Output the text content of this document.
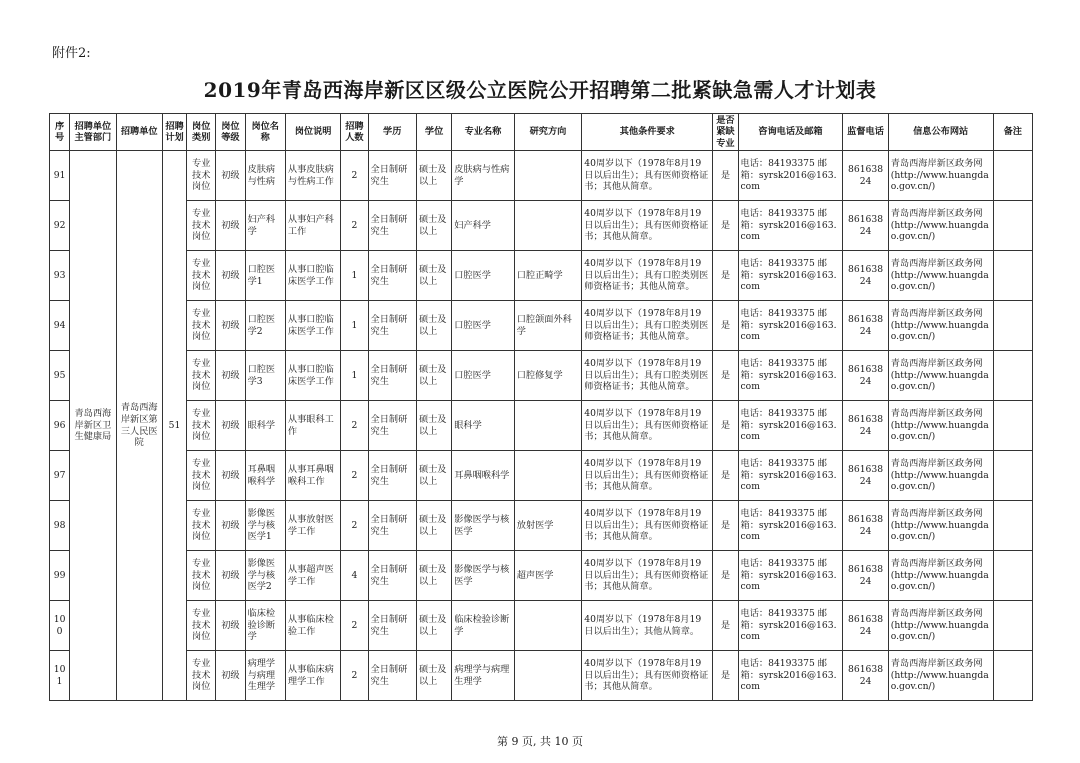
附件2:
2019年青岛西海岸新区区级公立医院公开招聘第二批紧缺急需人才计划表
序号	招聘单位主管部门	招聘单位	招聘计划	岗位类别	岗位等级	岗位名称	岗位说明	招聘人数	学历	学位	专业名称	研究方向	其他条件要求	是否紧缺专业	咨询电话及邮箱	监督电话	信息公布网站	备注
91	青岛西海岸新区卫生健康局	青岛西海岸新区第三人民医院	51	专业技术岗位	初级	皮肤病与性病	从事皮肤病与性病工作	2	全日制研究生	硕士及以上	皮肤病与性病学		40周岁以下（1978年8月19日以后出生）；具有医师资格证书；其他从简章。	是	电话：84193375 邮箱：syrsk2016@163.com	86163824	青岛西海岸新区政务网(http://www.huangdao.gov.cn/)	
92				专业技术岗位	初级	妇产科学	从事妇产科工作	2	全日制研究生	硕士及以上	妇产科学		40周岁以下（1978年8月19日以后出生）；具有医师资格证书；其他从简章。	是	电话：84193375 邮箱：syrsk2016@163.com	86163824	青岛西海岸新区政务网(http://www.huangdao.gov.cn/)	
93				专业技术岗位	初级	口腔医学1	从事口腔临床医学工作	1	全日制研究生	硕士及以上	口腔医学	口腔正畸学	40周岁以下（1978年8月19日以后出生）；具有口腔类别医师资格证书；其他从简章。	是	电话：84193375 邮箱：syrsk2016@163.com	86163824	青岛西海岸新区政务网(http://www.huangdao.gov.cn/)	
94				专业技术岗位	初级	口腔医学2	从事口腔临床医学工作	1	全日制研究生	硕士及以上	口腔医学	口腔颌面外科学	40周岁以下（1978年8月19日以后出生）；具有口腔类别医师资格证书；其他从简章。	是	电话：84193375 邮箱：syrsk2016@163.com	86163824	青岛西海岸新区政务网(http://www.huangdao.gov.cn/)	
95				专业技术岗位	初级	口腔医学3	从事口腔临床医学工作	1	全日制研究生	硕士及以上	口腔医学	口腔修复学	40周岁以下（1978年8月19日以后出生）；具有口腔类别医师资格证书；其他从简章。	是	电话：84193375 邮箱：syrsk2016@163.com	86163824	青岛西海岸新区政务网(http://www.huangdao.gov.cn/)	
96				专业技术岗位	初级	眼科学	从事眼科工作	2	全日制研究生	硕士及以上	眼科学		40周岁以下（1978年8月19日以后出生）；具有医师资格证书；其他从简章。	是	电话：84193375 邮箱：syrsk2016@163.com	86163824	青岛西海岸新区政务网(http://www.huangdao.gov.cn/)	
97				专业技术岗位	初级	耳鼻咽喉科学	从事耳鼻咽喉科工作	2	全日制研究生	硕士及以上	耳鼻咽喉科学		40周岁以下（1978年8月19日以后出生）；具有医师资格证书；其他从简章。	是	电话：84193375 邮箱：syrsk2016@163.com	86163824	青岛西海岸新区政务网(http://www.huangdao.gov.cn/)	
98				专业技术岗位	初级	影像医学与核医学1	从事放射医学工作	2	全日制研究生	硕士及以上	影像医学与核医学	放射医学	40周岁以下（1978年8月19日以后出生）；具有医师资格证书；其他从简章。	是	电话：84193375 邮箱：syrsk2016@163.com	86163824	青岛西海岸新区政务网(http://www.huangdao.gov.cn/)	
99				专业技术岗位	初级	影像医学与核医学2	从事超声医学工作	4	全日制研究生	硕士及以上	影像医学与核医学	超声医学	40周岁以下（1978年8月19日以后出生）；具有医师资格证书；其他从简章。	是	电话：84193375 邮箱：syrsk2016@163.com	86163824	青岛西海岸新区政务网(http://www.huangdao.gov.cn/)	
100				专业技术岗位	初级	临床检验诊断学	从事临床检验工作	2	全日制研究生	硕士及以上	临床检验诊断学		40周岁以下（1978年8月19日以后出生）；其他从简章。	是	电话：84193375 邮箱：syrsk2016@163.com	86163824	青岛西海岸新区政务网(http://www.huangdao.gov.cn/)	
101				专业技术岗位	初级	病理学与病理生理学	从事临床病理学工作	2	全日制研究生	硕士及以上	病理学与病理生理学		40周岁以下（1978年8月19日以后出生）；具有医师资格证书；其他从简章。	是	电话：84193375 邮箱：syrsk2016@163.com	86163824	青岛西海岸新区政务网(http://www.huangdao.gov.cn/)	
第 9 页, 共 10 页
